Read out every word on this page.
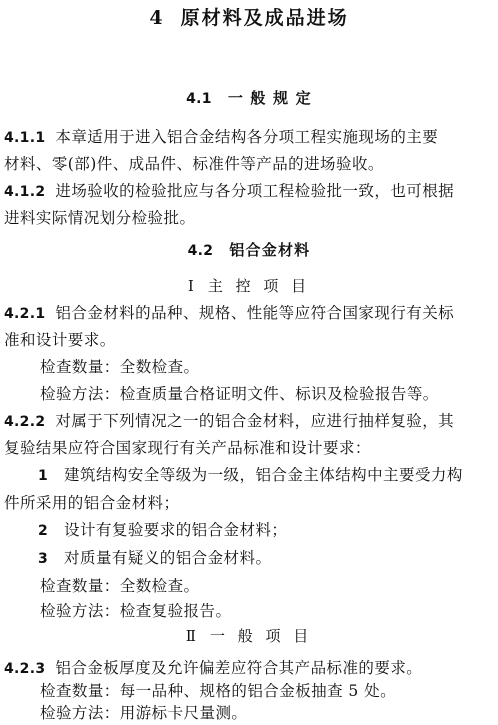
4 原材料及成品进场
4.1 一 般 规 定
4.1.1 本章适用于进入铝合金结构各分项工程实施现场的主要
材料、零(部)件、成品件、标准件等产品的进场验收。
4.1.2 进场验收的检验批应与各分项工程检验批一致，也可根据
进料实际情况划分检验批。
4.2 铝合金材料
Ⅰ 主 控 项 目
4.2.1 铝合金材料的品种、规格、性能等应符合国家现行有关标
准和设计要求。
检查数量：全数检查。
检验方法：检查质量合格证明文件、标识及检验报告等。
4.2.2 对属于下列情况之一的铝合金材料，应进行抽样复验，其
复验结果应符合国家现行有关产品标准和设计要求：
1 建筑结构安全等级为一级，铝合金主体结构中主要受力构
件所采用的铝合金材料；
2 设计有复验要求的铝合金材料；
3 对质量有疑义的铝合金材料。
检查数量：全数检查。
检验方法：检查复验报告。
Ⅱ 一 般 项 目
4.2.3 铝合金板厚度及允许偏差应符合其产品标准的要求。
检查数量：每一品种、规格的铝合金板抽查 5 处。
检验方法：用游标卡尺量测。
